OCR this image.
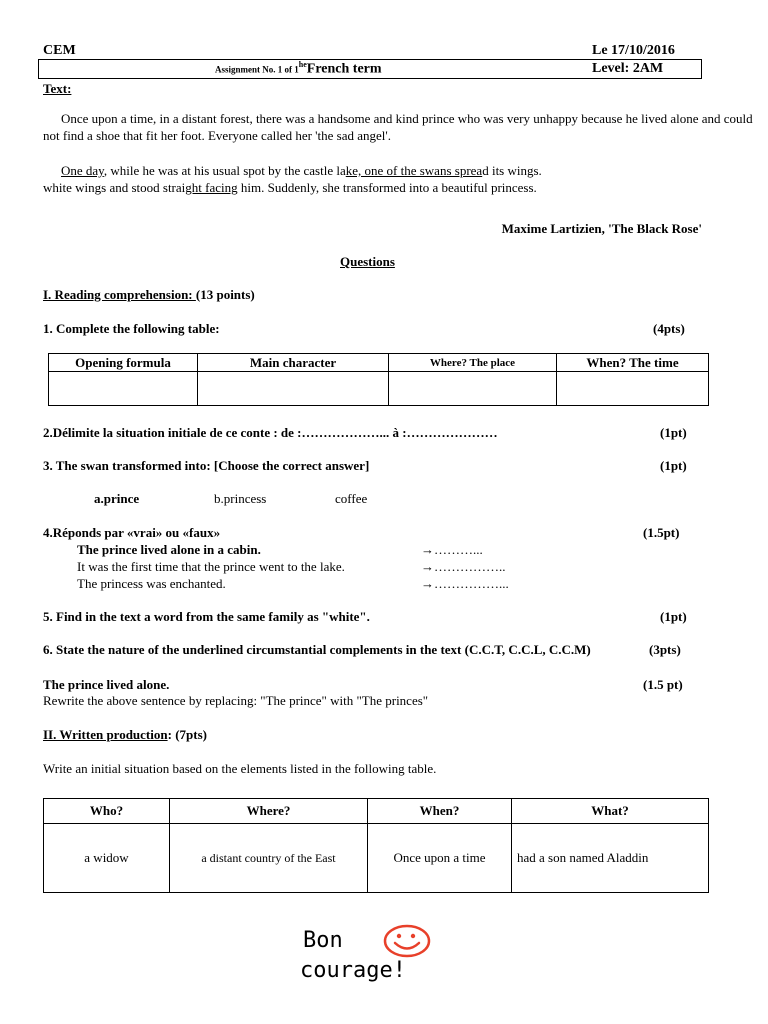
CEM	Le 17/10/2016
Assignment No. 1 of $1^{he}French$ term	Level: 2AM
Text:
Once upon a time, in a distant forest, there was a handsome and kind prince who was very unhappy because he lived alone and could not find a shoe that fit her foot. Everyone called her 'the sad angel'.
One day, while he was at his usual spot by the castle lake, one of the swans spread its wings.
white wings and stood straight facing him. Suddenly, she transformed into a beautiful princess.
Maxime Lartizien, 'The Black Rose'
Questions
I. Reading comprehension: (13 points)
1. Complete the following table:	(4pts)
Opening formula	Main character	Where? The place	When? The time

2.Délimite la situation initiale de ce conte : de :………………... à :…………………	(1pt)
3. The swan transformed into: [Choose the correct answer]	(1pt)
a.prince	b.princess	coffee
4.Réponds par «vrai» ou «faux»	(1.5pt)
The prince lived alone in a cabin.	→………...
It was the first time that the prince went to the lake.	→……………..
The princess was enchanted.	→……………...
5. Find in the text a word from the same family as "white".	(1pt)
6. State the nature of the underlined circumstantial complements in the text (C.C.T, C.C.L, C.C.M)	(3pts)
The prince lived alone.	(1.5 pt)
Rewrite the above sentence by replacing: "The prince" with "The princes"
II. Written production: (7pts)
Write an initial situation based on the elements listed in the following table.
Who?	Where?	When?	What?
a widow	a distant country of the East	Once upon a time	had a son named Aladdin
Bon
courage!
